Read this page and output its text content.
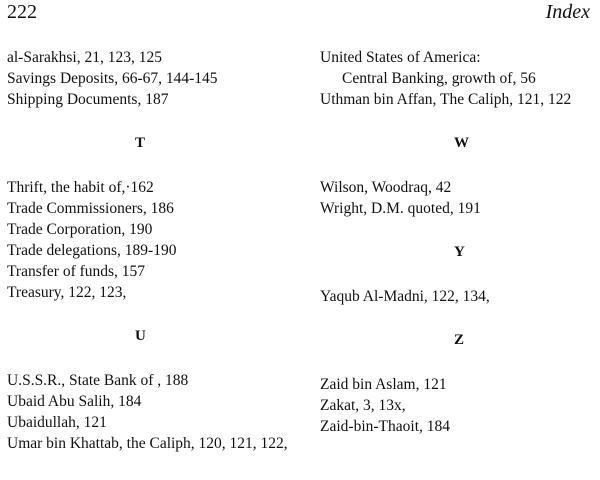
222	Index
al-Sarakhsi, 21, 123, 125
Savings Deposits, 66-67, 144-145
Shipping Documents, 187
T
Thrift, the habit of,·162
Trade Commissioners, 186
Trade Corporation, 190
Trade delegations, 189-190
Transfer of funds, 157
Treasury, 122, 123,
U
U.S.S.R., State Bank of , 188
Ubaid Abu Salih, 184
Ubaidullah, 121
Umar bin Khattab, the Caliph, 120, 121, 122,
United States of America:
Central Banking, growth of, 56
Uthman bin Affan, The Caliph, 121, 122
W
Wilson, Woodraq, 42
Wright, D.M. quoted, 191
Y
Yaqub Al-Madni, 122, 134,
Z
Zaid bin Aslam, 121
Zakat, 3, 13x,
Zaid-bin-Thaoit, 184
